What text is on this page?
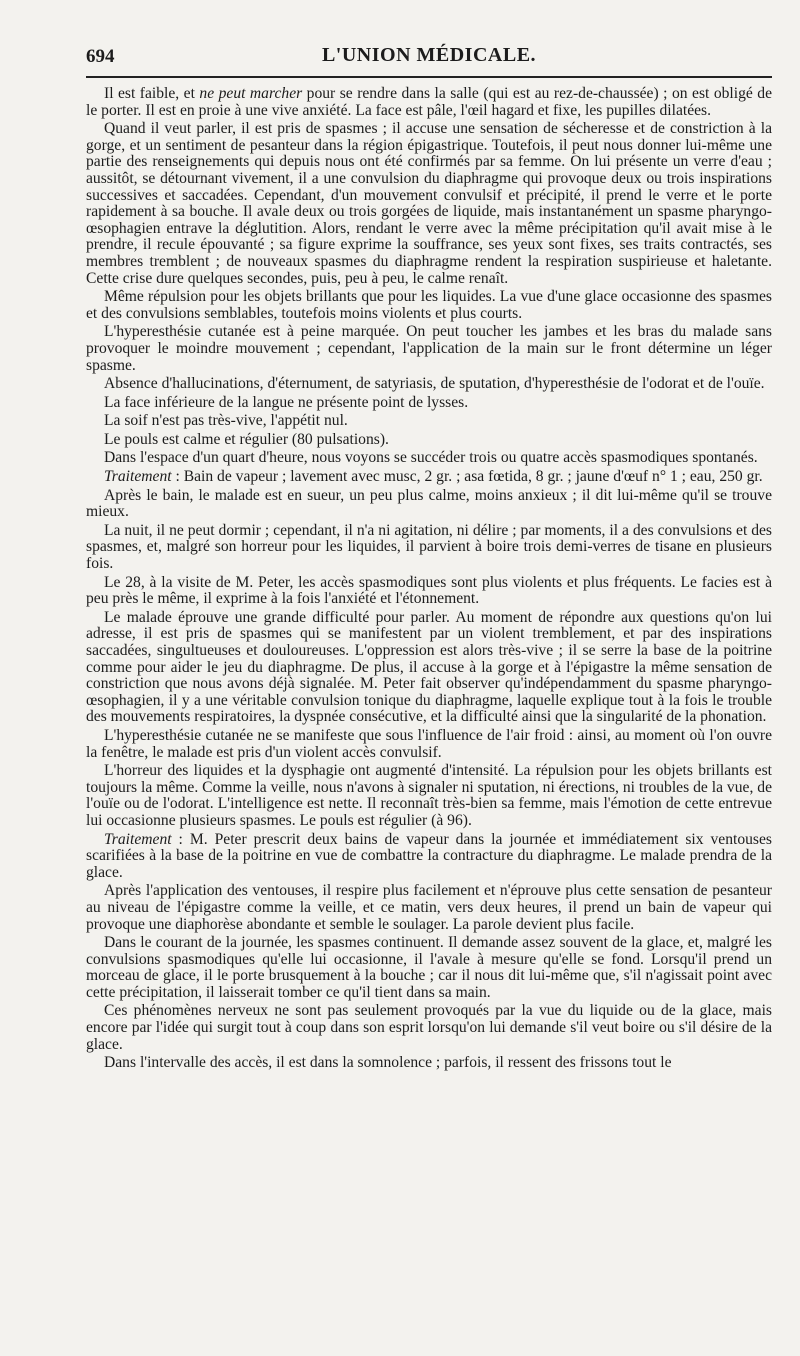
694	L'UNION MÉDICALE.

Il est faible, et ne peut marcher pour se rendre dans la salle (qui est au rez-de-chaussée) ; on est obligé de le porter. Il est en proie à une vive anxiété. La face est pâle, l'œil hagard et fixe, les pupilles dilatées.

Quand il veut parler, il est pris de spasmes ; il accuse une sensation de sécheresse et de constriction à la gorge, et un sentiment de pesanteur dans la région épigastrique. Toutefois, il peut nous donner lui-même une partie des renseignements qui depuis nous ont été confirmés par sa femme. On lui présente un verre d'eau ; aussitôt, se détournant vivement, il a une convulsion du diaphragme qui provoque deux ou trois inspirations successives et saccadées. Cependant, d'un mouvement convulsif et précipité, il prend le verre et le porte rapidement à sa bouche. Il avale deux ou trois gorgées de liquide, mais instantanément un spasme pharyngo-œsophagien entrave la déglutition. Alors, rendant le verre avec la même précipitation qu'il avait mise à le prendre, il recule épouvanté ; sa figure exprime la souffrance, ses yeux sont fixes, ses traits contractés, ses membres tremblent ; de nouveaux spasmes du diaphragme rendent la respiration suspirieuse et haletante. Cette crise dure quelques secondes, puis, peu à peu, le calme renaît.

Même répulsion pour les objets brillants que pour les liquides. La vue d'une glace occasionne des spasmes et des convulsions semblables, toutefois moins violents et plus courts.

L'hyperesthésie cutanée est à peine marquée. On peut toucher les jambes et les bras du malade sans provoquer le moindre mouvement ; cependant, l'application de la main sur le front détermine un léger spasme.

Absence d'hallucinations, d'éternument, de satyriasis, de sputation, d'hyperesthésie de l'odorat et de l'ouïe.

La face inférieure de la langue ne présente point de lysses.

La soif n'est pas très-vive, l'appétit nul.

Le pouls est calme et régulier (80 pulsations).

Dans l'espace d'un quart d'heure, nous voyons se succéder trois ou quatre accès spasmodiques spontanés.

Traitement : Bain de vapeur ; lavement avec musc, 2 gr. ; asa fœtida, 8 gr. ; jaune d'œuf n° 1 ; eau, 250 gr.

Après le bain, le malade est en sueur, un peu plus calme, moins anxieux ; il dit lui-même qu'il se trouve mieux.

La nuit, il ne peut dormir ; cependant, il n'a ni agitation, ni délire ; par moments, il a des convulsions et des spasmes, et, malgré son horreur pour les liquides, il parvient à boire trois demi-verres de tisane en plusieurs fois.

Le 28, à la visite de M. Peter, les accès spasmodiques sont plus violents et plus fréquents. Le facies est à peu près le même, il exprime à la fois l'anxiété et l'étonnement.

Le malade éprouve une grande difficulté pour parler. Au moment de répondre aux questions qu'on lui adresse, il est pris de spasmes qui se manifestent par un violent tremblement, et par des inspirations saccadées, singultueuses et douloureuses. L'oppression est alors très-vive ; il se serre la base de la poitrine comme pour aider le jeu du diaphragme. De plus, il accuse à la gorge et à l'épigastre la même sensation de constriction que nous avons déjà signalée. M. Peter fait observer qu'indépendamment du spasme pharyngo-œsophagien, il y a une véritable convulsion tonique du diaphragme, laquelle explique tout à la fois le trouble des mouvements respiratoires, la dyspnée consécutive, et la difficulté ainsi que la singularité de la phonation.

L'hyperesthésie cutanée ne se manifeste que sous l'influence de l'air froid : ainsi, au moment où l'on ouvre la fenêtre, le malade est pris d'un violent accès convulsif.

L'horreur des liquides et la dysphagie ont augmenté d'intensité. La répulsion pour les objets brillants est toujours la même. Comme la veille, nous n'avons à signaler ni sputation, ni érections, ni troubles de la vue, de l'ouïe ou de l'odorat. L'intelligence est nette. Il reconnaît très-bien sa femme, mais l'émotion de cette entrevue lui occasionne plusieurs spasmes. Le pouls est régulier (à 96).

Traitement : M. Peter prescrit deux bains de vapeur dans la journée et immédiatement six ventouses scarifiées à la base de la poitrine en vue de combattre la contracture du diaphragme. Le malade prendra de la glace.

Après l'application des ventouses, il respire plus facilement et n'éprouve plus cette sensation de pesanteur au niveau de l'épigastre comme la veille, et ce matin, vers deux heures, il prend un bain de vapeur qui provoque une diaphorèse abondante et semble le soulager. La parole devient plus facile.

Dans le courant de la journée, les spasmes continuent. Il demande assez souvent de la glace, et, malgré les convulsions spasmodiques qu'elle lui occasionne, il l'avale à mesure qu'elle se fond. Lorsqu'il prend un morceau de glace, il le porte brusquement à la bouche ; car il nous dit lui-même que, s'il n'agissait point avec cette précipitation, il laisserait tomber ce qu'il tient dans sa main.

Ces phénomènes nerveux ne sont pas seulement provoqués par la vue du liquide ou de la glace, mais encore par l'idée qui surgit tout à coup dans son esprit lorsqu'on lui demande s'il veut boire ou s'il désire de la glace.

Dans l'intervalle des accès, il est dans la somnolence ; parfois, il ressent des frissons tout le
